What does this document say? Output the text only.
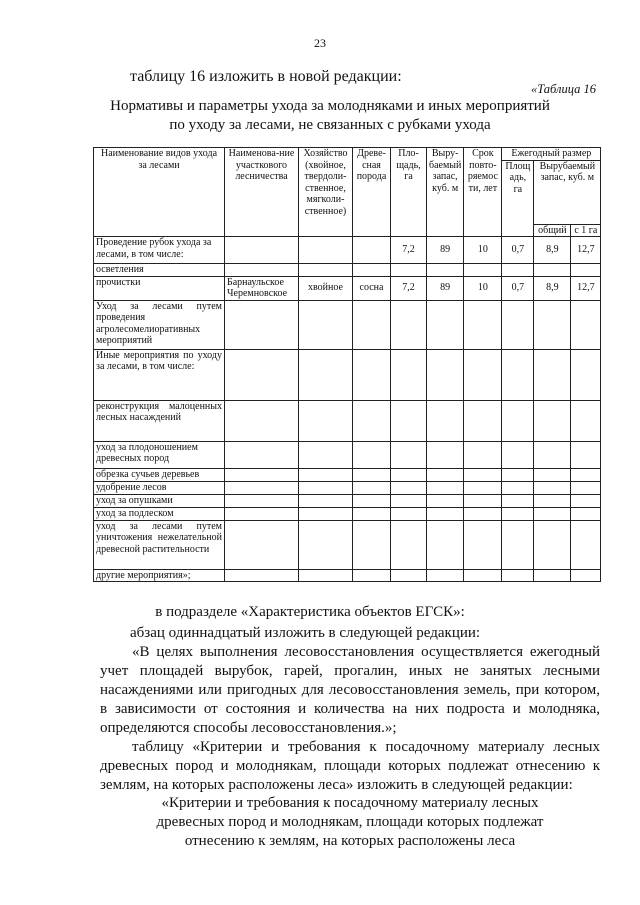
23
таблицу 16 изложить в новой редакции:
«Таблица 16
Нормативы и параметры ухода за молодняками и иных мероприятий
по уходу за лесами, не связанных с рубками ухода
Наименование видов ухода за лесами	Наименова-ние участкового лесничества	Хозяйство (хвойное, твердоли-ственное, мягколи-ственное)	Древе-сная порода	Пло-щадь, га	Выру-баемый запас, куб. м	Срок повто-ряемос ти, лет	Ежегодный размер		
							Площ адь, га	Вырубаемый запас, куб. м	
								общий	с 1 га
Проведение рубок ухода за лесами, в том числе:				7,2	89	10	0,7	8,9	12,7
осветления									
прочистки	Барнаульское Черемновское	хвойное	сосна	7,2	89	10	0,7	8,9	12,7
Уход за лесами путем проведения агролесомелиоративных мероприятий									
Иные мероприятия по уходу за лесами, в том числе:									
реконструкция малоценных лесных насаждений									
уход за плодоношением древесных пород									
обрезка сучьев деревьев									
удобрение лесов									
уход за опушками									
уход за подлеском									
уход за лесами путем уничтожения нежелательной древесной растительности									
другие мероприятия»;									
в подразделе «Характеристика объектов ЕГСК»:
абзац одиннадцатый изложить в следующей редакции:
«В целях выполнения лесовосстановления осуществляется ежегодный учет площадей вырубок, гарей, прогалин, иных не занятых лесными насаждениями или пригодных для лесовосстановления земель, при котором, в зависимости от состояния и количества на них подроста и молодняка, определяются способы лесовосстановления.»;
таблицу «Критерии и требования к посадочному материалу лесных древесных пород и молоднякам, площади которых подлежат отнесению к землям, на которых расположены леса» изложить в следующей редакции:
«Критерии и требования к посадочному материалу лесных
древесных пород и молоднякам, площади которых подлежат
отнесению к землям, на которых расположены леса
